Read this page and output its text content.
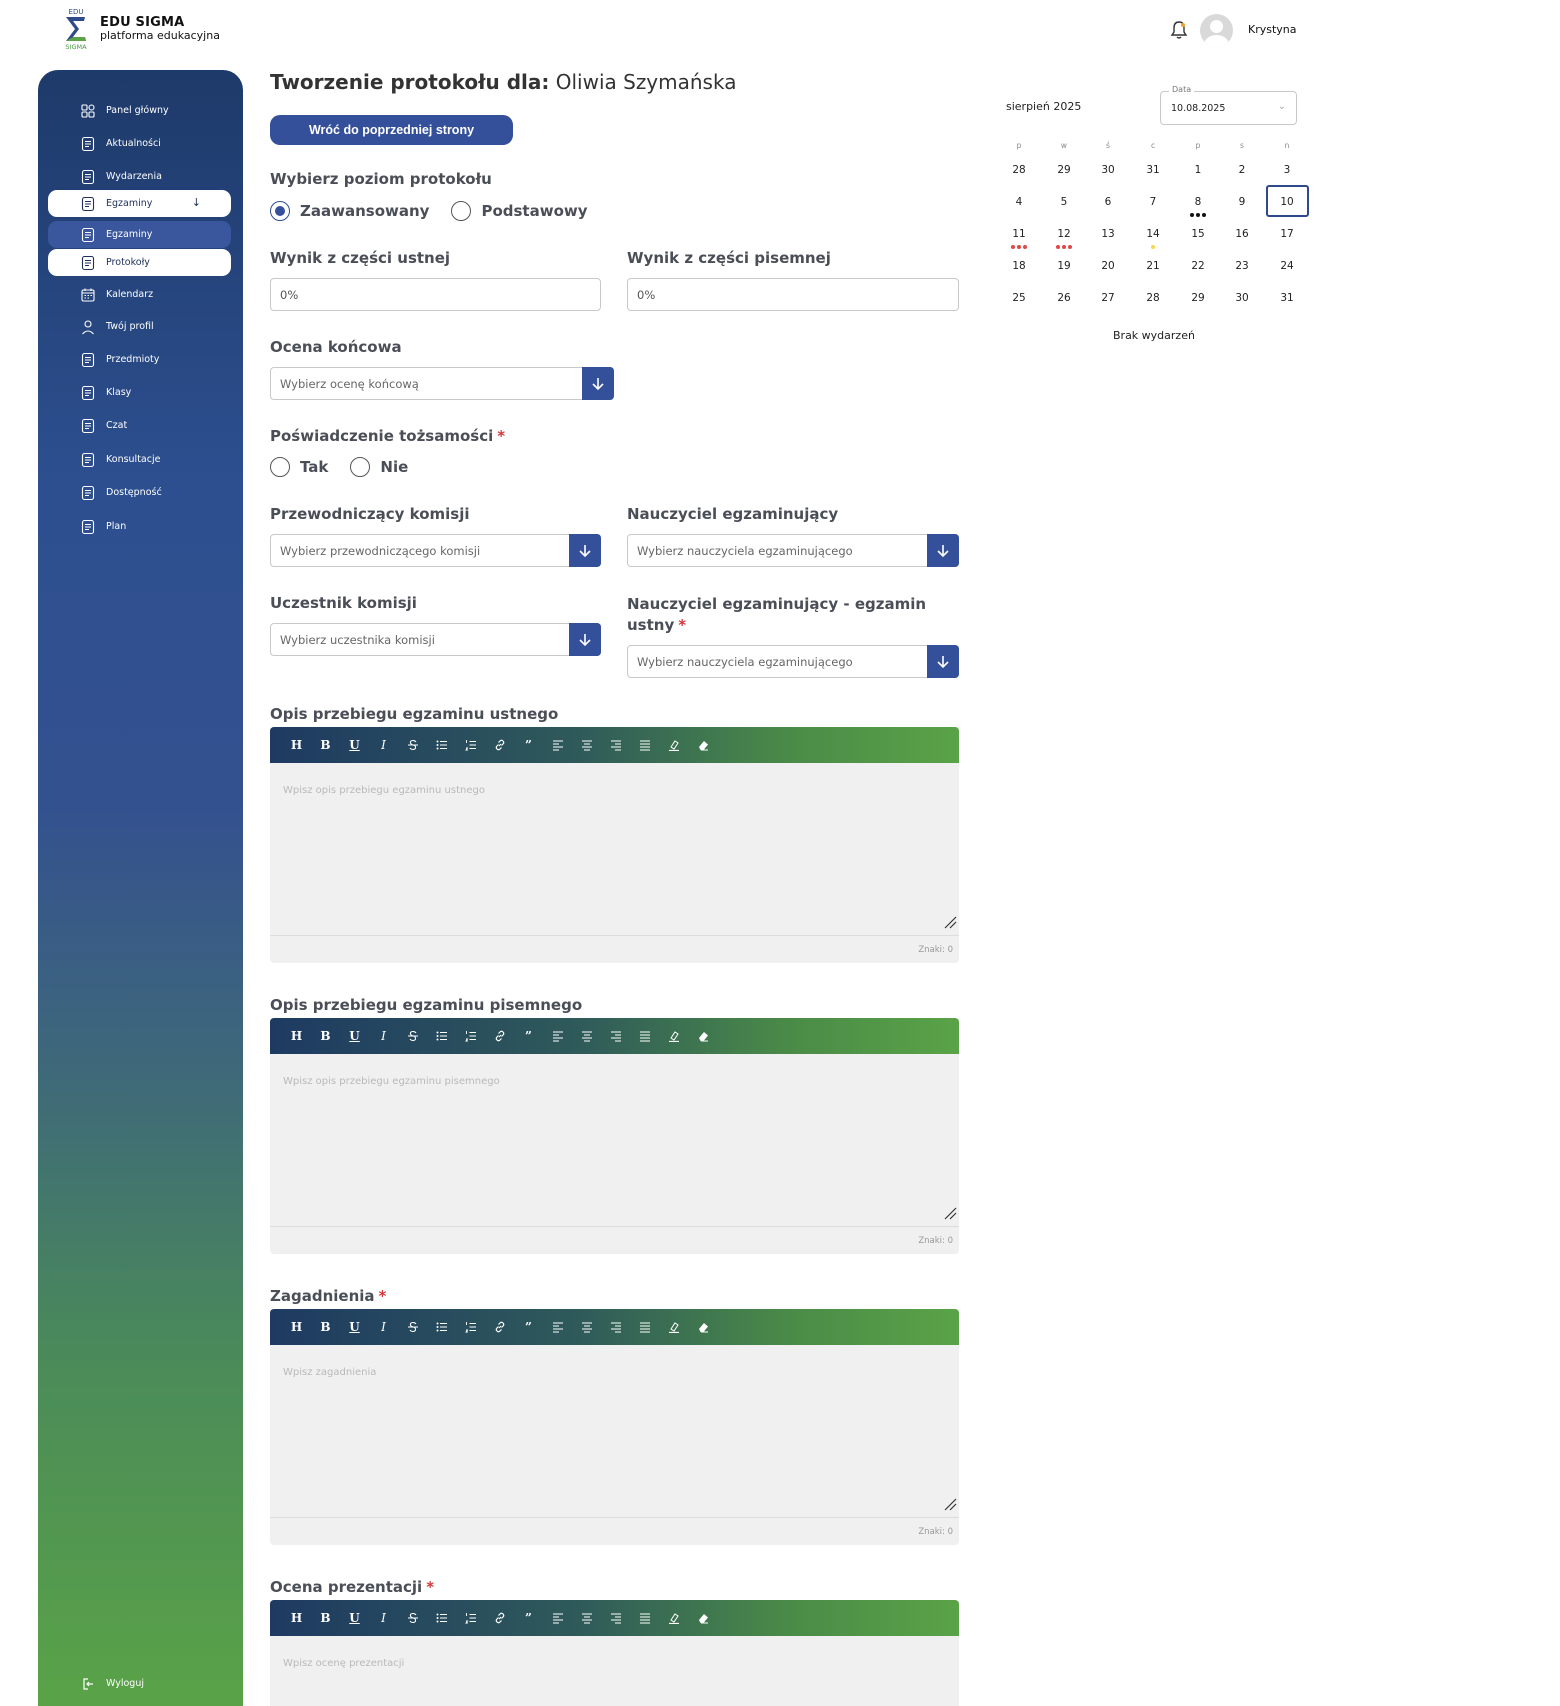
EDU
SIGMA
EDU SIGMA
platforma edukacyjna	Krystyna
Wyloguj
Panel główny
Aktualności
Wydarzenia
Egzaminy	↓
Egzaminy
Protokoły
Kalendarz
Twój profil
Przedmioty
Klasy
Czat
Konsultacje
Dostępność
Plan
Tworzenie protokołu dla: Oliwia Szymańska
Wróć do poprzedniej strony
Wybierz poziom protokołu
Zaawansowany	Podstawowy
Wynik z części ustnej
0%
Wynik z części pisemnej
0%
Ocena końcowa
Wybierz ocenę końcową
Poświadczenie tożsamości *
Tak	Nie
Przewodniczący komisji
Wybierz przewodniczącego komisji
Nauczyciel egzaminujący
Wybierz nauczyciela egzaminującego
Uczestnik komisji
Wybierz uczestnika komisji
Nauczyciel egzaminujący - egzamin
ustny *
Wybierz nauczyciela egzaminującego
Opis przebiegu egzaminu ustnego
H	B	U I	”
Wpisz opis przebiegu egzaminu ustnego
Znaki: 0
Opis przebiegu egzaminu pisemnego
H	B	U I	”
Wpisz opis przebiegu egzaminu pisemnego
Znaki: 0
Zagadnienia *
H	B	U I	”
Wpisz zagadnienia
Znaki: 0
Ocena prezentacji *
H	B	U I	”
Wpisz ocenę prezentacji
sierpień 2025
Data
10.08.2025	⌄
Brak wydarzeń
p	w	ś	c	p	s	n
28	29	30	31	1	2	3
4	5	6	7	8	9	10
11	12	13	14	15	16	17
18	19	20	21	22	23	24
25	26	27	28	29	30	31
